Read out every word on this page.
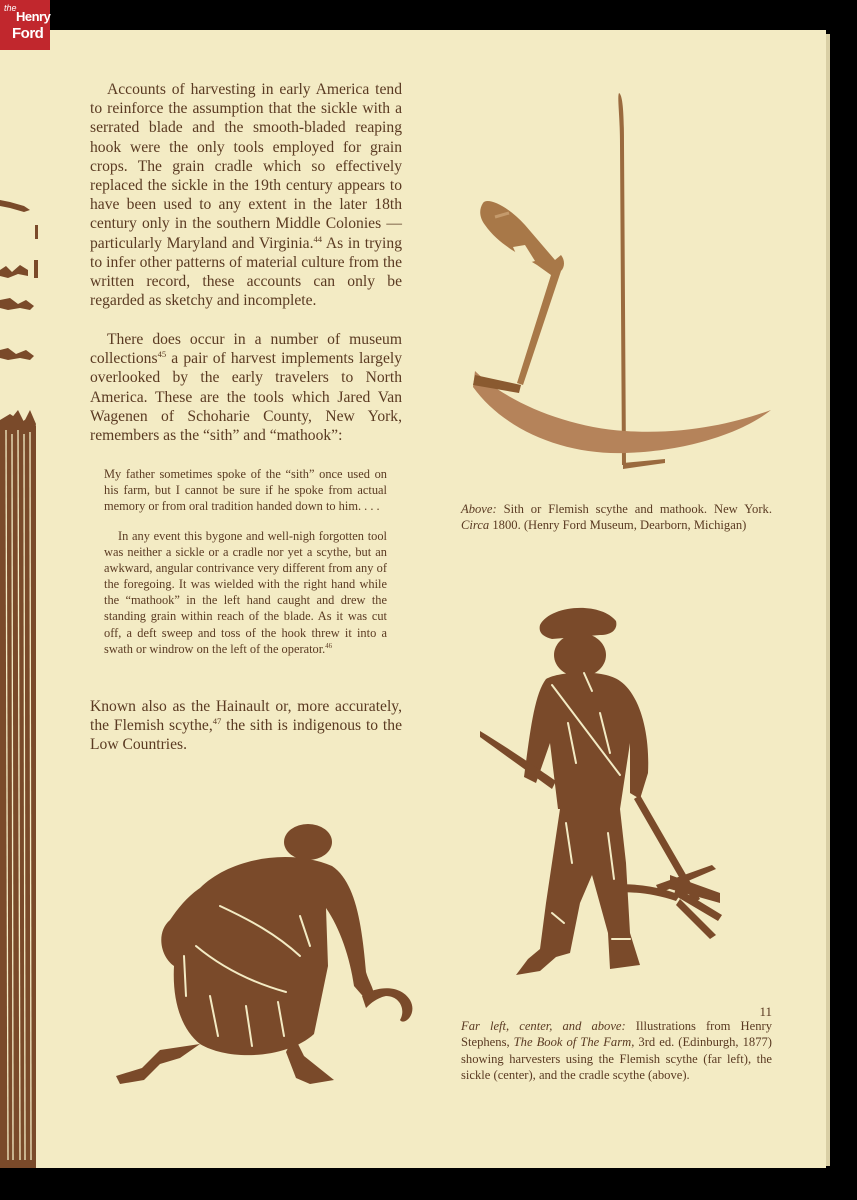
the
Henry
Ford

Accounts of harvesting in early America tend to reinforce the assumption that the sickle with a serrated blade and the smooth-bladed reaping hook were the only tools employed for grain crops. The grain cradle which so effectively replaced the sickle in the 19th century appears to have been used to any extent in the later 18th century only in the southern Middle Colonies — particularly Maryland and Virginia.$^{44}$ As in trying to infer other patterns of material culture from the written record, these accounts can only be regarded as sketchy and incomplete.

There does occur in a number of museum collections$^{45}$ a pair of harvest implements largely overlooked by the early travelers to North America. These are the tools which Jared Van Wagenen of Schoharie County, New York, remembers as the “sith” and “mathook”:

My father sometimes spoke of the “sith” once used on his farm, but I cannot be sure if he spoke from actual memory or from oral tradition handed down to him. . . .

In any event this bygone and well-nigh forgotten tool was neither a sickle or a cradle nor yet a scythe, but an awkward, angular contrivance very different from any of the foregoing. It was wielded with the right hand while the “mathook” in the left hand caught and drew the standing grain within reach of the blade. As it was cut off, a deft sweep and toss of the hook threw it into a swath or windrow on the left of the operator.$^{46}$

Known also as the Hainault or, more accurately, the Flemish scythe,$^{47}$ the sith is indigenous to the Low Countries.

Above: Sith or Flemish scythe and mathook. New York. Circa 1800. (Henry Ford Museum, Dearborn, Michigan)

Far left, center, and above: Illustrations from Henry Stephens, The Book of The Farm, 3rd ed. (Edinburgh, 1877) showing harvesters using the Flemish scythe (far left), the sickle (center), and the cradle scythe (above).

11
